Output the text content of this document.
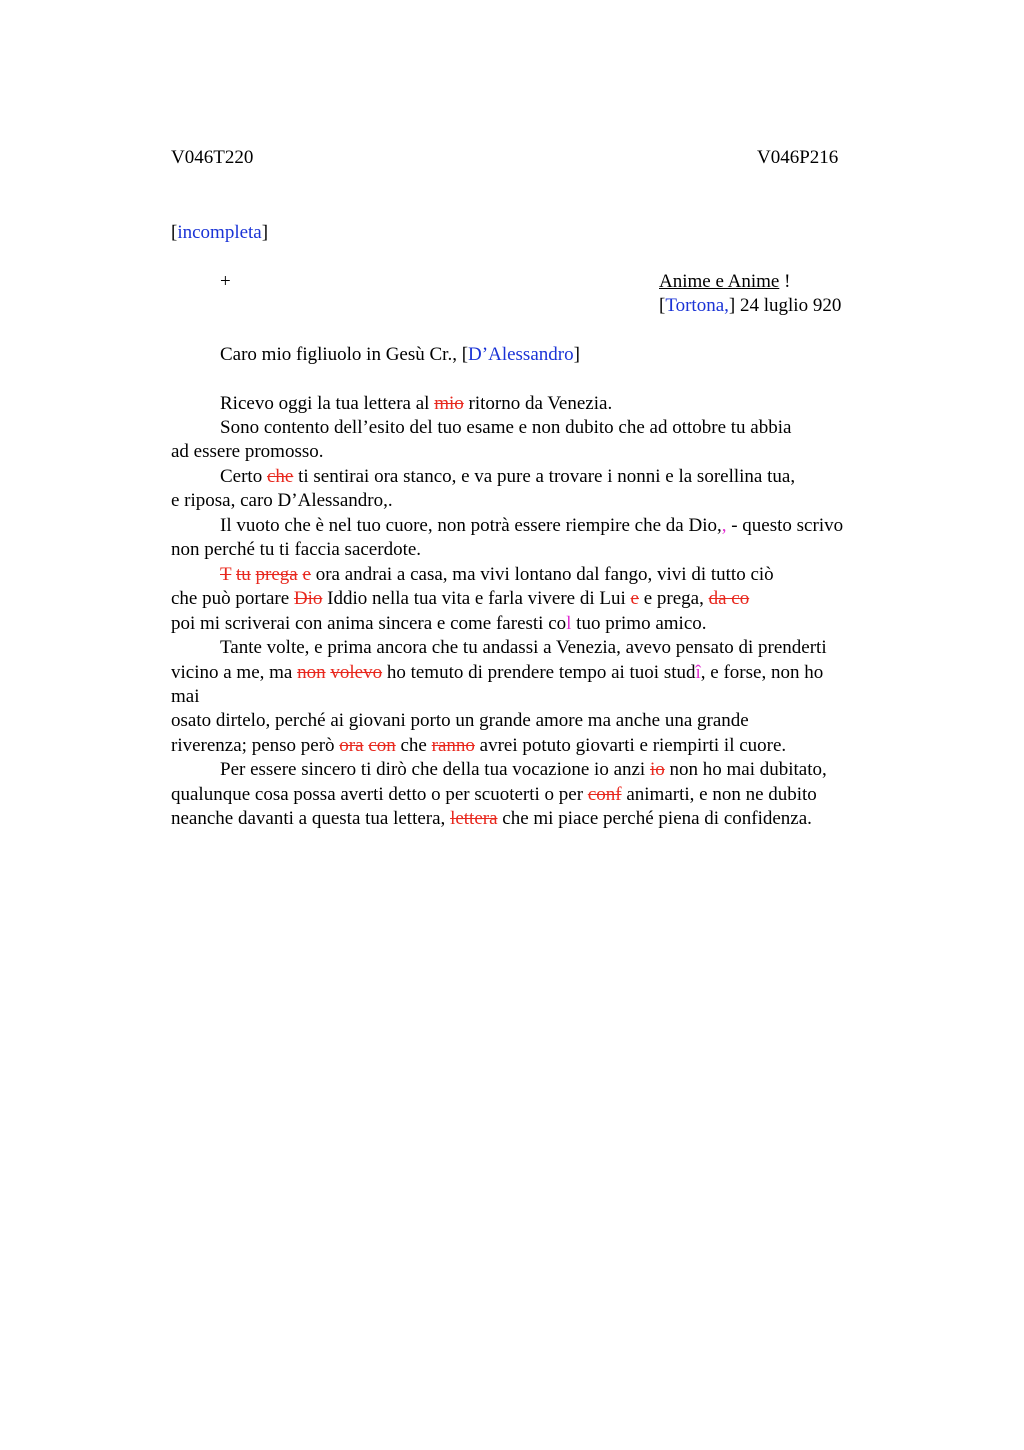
V046T220	V046P216
[incompleta]
+	Anime e Anime !
[Tortona,] 24 luglio 920
Caro mio figliuolo in Gesù Cr., [D’Alessandro]
Ricevo oggi la tua lettera al mio ritorno da Venezia.
Sono contento dell’esito del tuo esame e non dubito che ad ottobre tu abbia
ad essere promosso.
Certo che ti sentirai ora stanco, e va pure a trovare i nonni e la sorellina tua,
e riposa, caro D’Alessandro,.
Il vuoto che è nel tuo cuore, non potrà essere riempire che da Dio,, - questo scrivo
non perché tu ti faccia sacerdote.
T tu prega e ora andrai a casa, ma vivi lontano dal fango, vivi di tutto ciò
che può portare Dio Iddio nella tua vita e farla vivere di Lui e e prega, da co
poi mi scriverai con anima sincera e come faresti col tuo primo amico.
Tante volte, e prima ancora che tu andassi a Venezia, avevo pensato di prenderti
vicino a me, ma non volevo ho temuto di prendere tempo ai tuoi studî, e forse, non ho
mai
osato dirtelo, perché ai giovani porto un grande amore ma anche una grande
riverenza; penso però ora con che ranno avrei potuto giovarti e riempirti il cuore.
Per essere sincero ti dirò che della tua vocazione io anzi io non ho mai dubitato,
qualunque cosa possa averti detto o per scuoterti o per conf animarti, e non ne dubito
neanche davanti a questa tua lettera, lettera che mi piace perché piena di confidenza.
